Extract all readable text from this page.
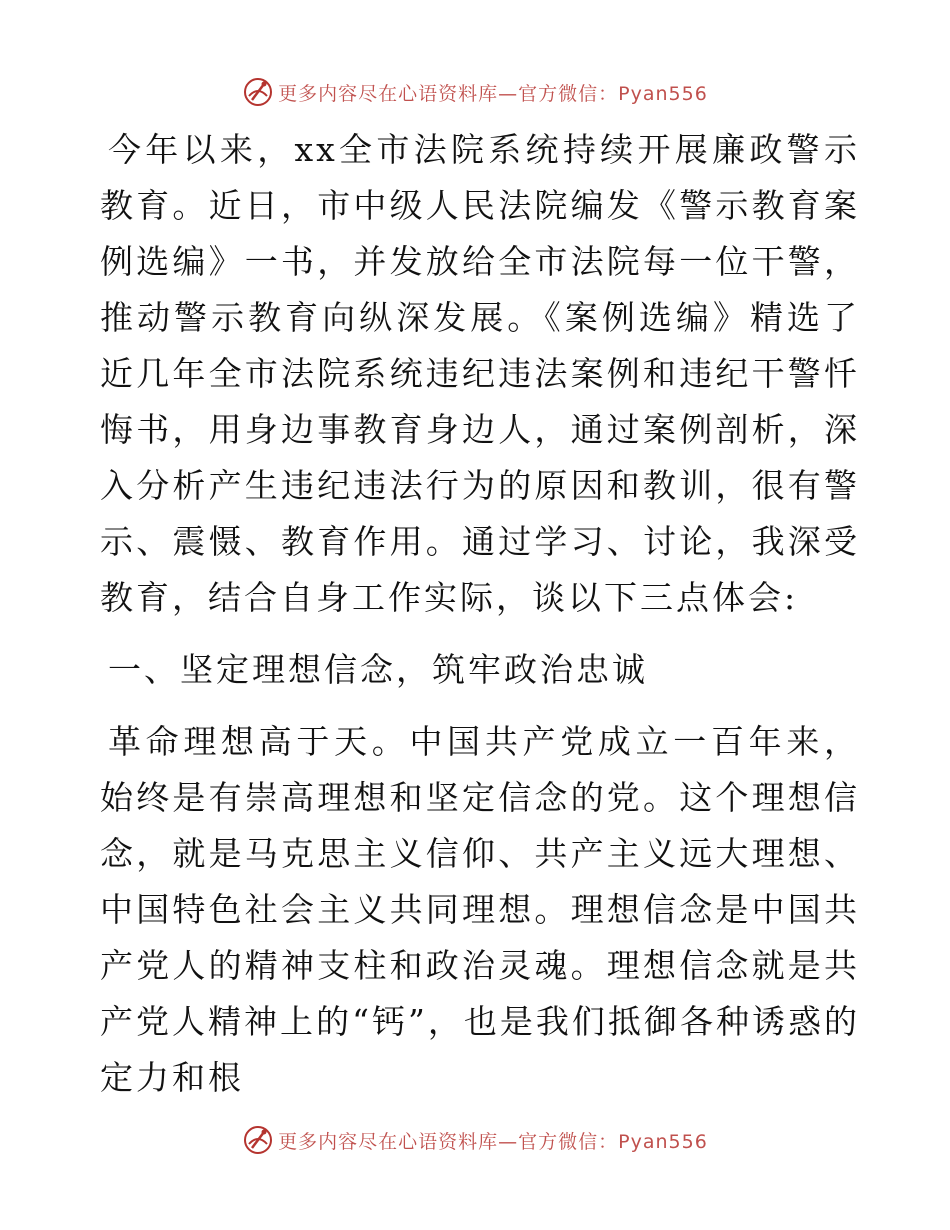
更多内容尽在心语资料库—官方微信：Pyan556

今年以来，xx全市法院系统持续开展廉政警示教育。近日，市中级人民法院编发《警示教育案例选编》一书，并发放给全市法院每一位干警，推动警示教育向纵深发展。《案例选编》精选了近几年全市法院系统违纪违法案例和违纪干警忏悔书，用身边事教育身边人，通过案例剖析，深入分析产生违纪违法行为的原因和教训，很有警示、震慑、教育作用。通过学习、讨论，我深受教育，结合自身工作实际，谈以下三点体会:

一、坚定理想信念，筑牢政治忠诚

革命理想高于天。中国共产党成立一百年来，始终是有崇高理想和坚定信念的党。这个理想信念，就是马克思主义信仰、共产主义远大理想、中国特色社会主义共同理想。理想信念是中国共产党人的精神支柱和政治灵魂。理想信念就是共产党人精神上的“钙”，也是我们抵御各种诱惑的定力和根

更多内容尽在心语资料库—官方微信：Pyan556
